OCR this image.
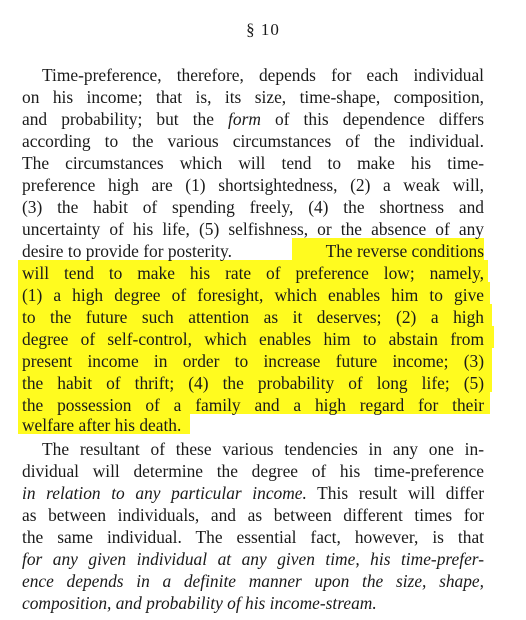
§ 10
Time-preference, therefore, depends for each individual
on his income; that is, its size, time-shape, composition,
and probability; but the form of this dependence differs
according to the various circumstances of the individual.
The circumstances which will tend to make his time-
preference high are (1) shortsightedness, (2) a weak will,
(3) the habit of spending freely, (4) the shortness and
uncertainty of his life, (5) selfishness, or the absence of any
desire to provide for posterity.	The reverse conditions
will tend to make his rate of preference low; namely,
(1) a high degree of foresight, which enables him to give
to the future such attention as it deserves; (2) a high
degree of self-control, which enables him to abstain from
present income in order to increase future income; (3)
the habit of thrift; (4) the probability of long life; (5)
the possession of a family and a high regard for their
welfare after his death.
The resultant of these various tendencies in any one in-
dividual will determine the degree of his time-preference
in relation to any particular income. This result will differ
as between individuals, and as between different times for
the same individual. The essential fact, however, is that
for any given individual at any given time, his time-prefer-
ence depends in a definite manner upon the size, shape,
composition, and probability of his income-stream.
